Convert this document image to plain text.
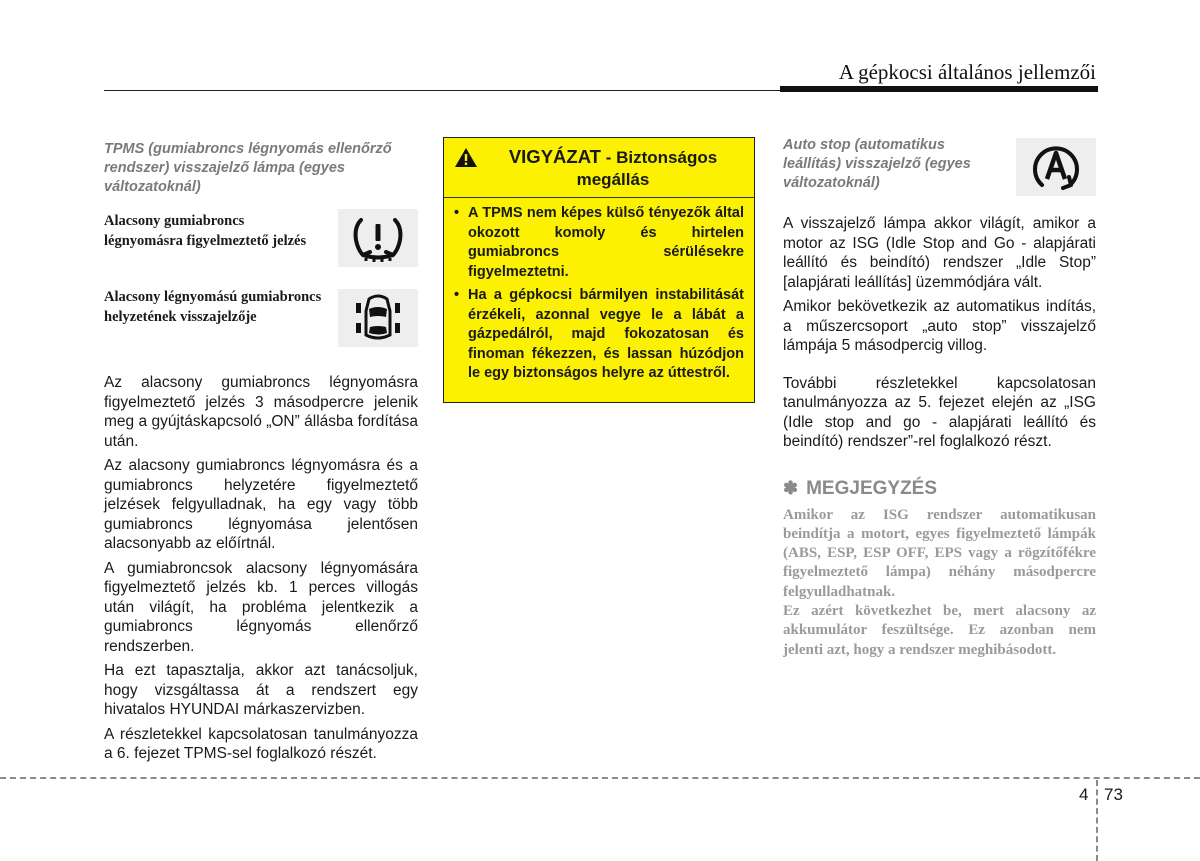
A gépkocsi általános jellemzői

TPMS (gumiabroncs légnyomás ellenőrző rendszer) visszajelző lámpa (egyes változatoknál)

Alacsony gumiabroncs légnyomásra figyelmeztető jelzés
Alacsony légnyomású gumiabroncs helyzetének visszajelzője

Az alacsony gumiabroncs légnyomásra figyelmeztető jelzés 3 másodpercre jelenik meg a gyújtáskapcsoló „ON” állásba fordítása után.

Az alacsony gumiabroncs légnyomásra és a gumiabroncs helyzetére figyelmeztető jelzések felgyulladnak, ha egy vagy több gumiabroncs légnyomása jelentősen alacsonyabb az előírtnál.

A gumiabroncsok alacsony légnyomására figyelmeztető jelzés kb. 1 perces villogás után világít, ha probléma jelentkezik a gumiabroncs légnyomás ellenőrző rendszerben.

Ha ezt tapasztalja, akkor azt tanácsoljuk, hogy vizsgáltassa át a rendszert egy hivatalos HYUNDAI márkaszervizben.

A részletekkel kapcsolatosan tanulmányozza a 6. fejezet TPMS-sel foglalkozó részét.

VIGYÁZAT - Biztonságos megállás
• A TPMS nem képes külső tényezők által okozott komoly és hirtelen gumiabroncs sérülésekre figyelmeztetni.
• Ha a gépkocsi bármilyen instabilitását érzékeli, azonnal vegye le a lábát a gázpedálról, majd fokozatosan és finoman fékezzen, és lassan húzódjon le egy biztonságos helyre az úttestről.

Auto stop (automatikus leállítás) visszajelző (egyes változatoknál)

A visszajelző lámpa akkor világít, amikor a motor az ISG (Idle Stop and Go - alapjárati leállító és beindító) rendszer „Idle Stop” [alapjárati leállítás] üzemmódjára vált.

Amikor bekövetkezik az automatikus indítás, a műszercsoport „auto stop” visszajelző lámpája 5 másodpercig villog.

További részletekkel kapcsolatosan tanulmányozza az 5. fejezet elején az „ISG (Idle stop and go - alapjárati leállító és beindító) rendszer”-rel foglalkozó részt.

✽ MEGJEGYZÉS

Amikor az ISG rendszer automatikusan beindítja a motort, egyes figyelmeztető lámpák (ABS, ESP, ESP OFF, EPS vagy a rögzítőfékre figyelmeztető lámpa) néhány másodpercre felgyulladhatnak.

Ez azért következhet be, mert alacsony az akkumulátor feszültsége. Ez azonban nem jelenti azt, hogy a rendszer meghibásodott.

4 73
